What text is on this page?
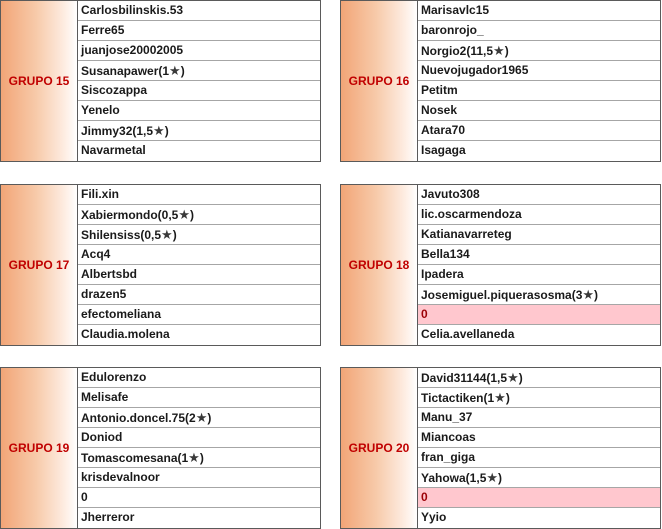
GRUPO 15
Carlosbilinskis.53
Ferre65
juanjose20002005
Susanapawer(1★)
Siscozappa
Yenelo
Jimmy32(1,5★)
Navarmetal
GRUPO 16
Marisavlc15
baronrojo_
Norgio2(11,5★)
Nuevojugador1965
Petitm
Nosek
Atara70
Isagaga
GRUPO 17
Fili.xin
Xabiermondo(0,5★)
Shilensiss(0,5★)
Acq4
Albertsbd
drazen5
efectomeliana
Claudia.molena
GRUPO 18
Javuto308
lic.oscarmendoza
Katianavarreteg
Bella134
Ipadera
Josemiguel.piquerasosma(3★)
0
Celia.avellaneda
GRUPO 19
Edulorenzo
Melisafe
Antonio.doncel.75(2★)
Doniod
Tomascomesana(1★)
krisdevalnoor
0
Jherreror
GRUPO 20
David31144(1,5★)
Tictactiken(1★)
Manu_37
Miancoas
fran_giga
Yahowa(1,5★)
0
Yyio
